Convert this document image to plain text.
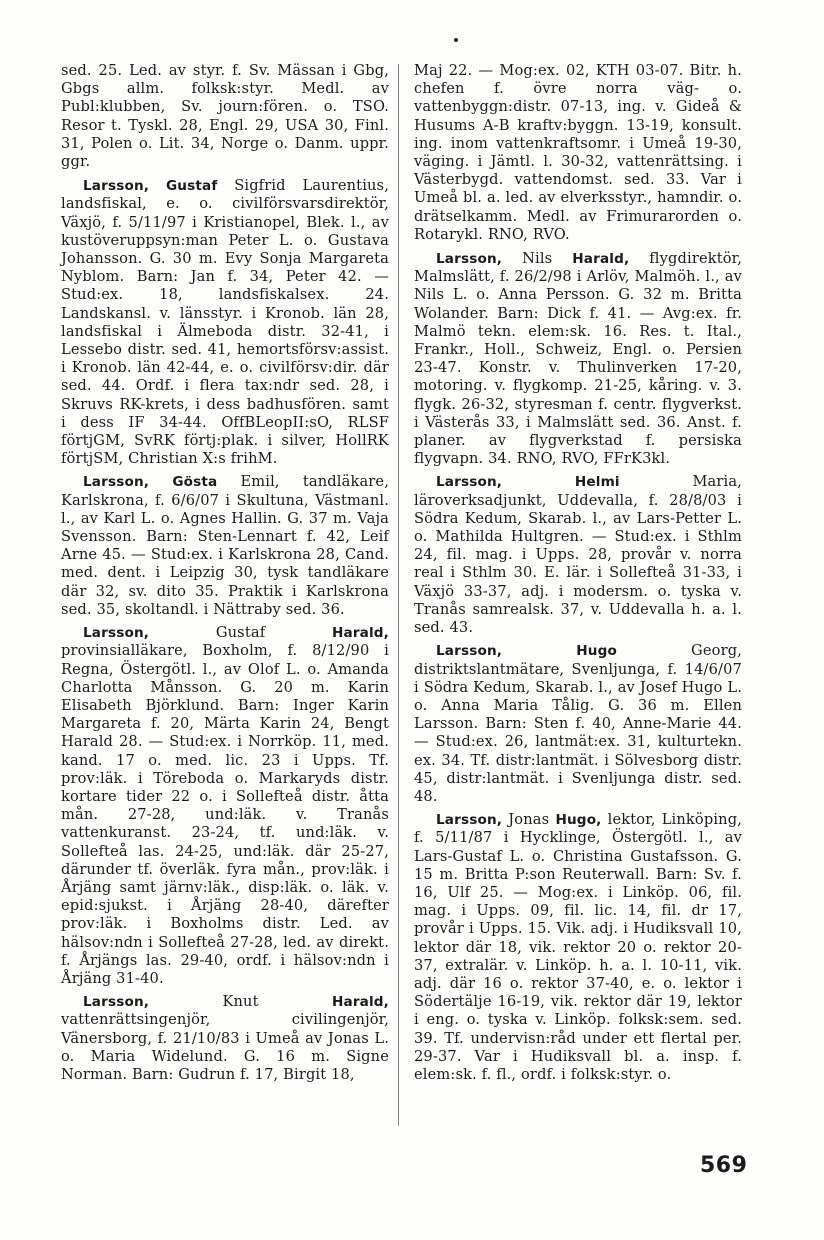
sed. 25. Led. av styr. f. Sv. Mässan i Gbg, Gbgs allm. folksk:styr. Medl. av Publ:klubben, Sv. journ:fören. o. TSO. Resor t. Tyskl. 28, Engl. 29, USA 30, Finl. 31, Polen o. Lit. 34, Norge o. Danm. uppr. ggr.

Larsson, Gustaf Sigfrid Laurentius, landsfiskal, e. o. civilförsvarsdirektör, Växjö, f. 5/11/97 i Kristianopel, Blek. l., av kustöveruppsyn:man Peter L. o. Gustava Johansson. G. 30 m. Evy Sonja Margareta Nyblom. Barn: Jan f. 34, Peter 42. — Stud:ex. 18, landsfiskalsex. 24. Landskansl. v. länsstyr. i Kronob. län 28, landsfiskal i Älmeboda distr. 32-41, i Lessebo distr. sed. 41, hemortsförsv:assist. i Kronob. län 42-44, e. o. civilförsv:dir. där sed. 44. Ordf. i flera tax:ndr sed. 28, i Skruvs RK-krets, i dess badhusfören. samt i dess IF 34-44. OffBLeopII:sO, RLSF förtjGM, SvRK förtj:plak. i silver, HollRK förtjSM, Christian X:s frihM.

Larsson, Gösta Emil, tandläkare, Karlskrona, f. 6/6/07 i Skultuna, Västmanl. l., av Karl L. o. Agnes Hallin. G. 37 m. Vaja Svensson. Barn: Sten-Lennart f. 42, Leif Arne 45. — Stud:ex. i Karlskrona 28, Cand. med. dent. i Leipzig 30, tysk tandläkare där 32, sv. dito 35. Praktik i Karlskrona sed. 35, skoltandl. i Nättraby sed. 36.

Larsson, Gustaf Harald, provinsialläkare, Boxholm, f. 8/12/90 i Regna, Östergötl. l., av Olof L. o. Amanda Charlotta Månsson. G. 20 m. Karin Elisabeth Björklund. Barn: Inger Karin Margareta f. 20, Märta Karin 24, Bengt Harald 28. — Stud:ex. i Norrköp. 11, med. kand. 17 o. med. lic. 23 i Upps. Tf. prov:läk. i Töreboda o. Markaryds distr. kortare tider 22 o. i Sollefteå distr. åtta mån. 27-28, und:läk. v. Tranås vattenkuranst. 23-24, tf. und:läk. v. Sollefteå las. 24-25, und:läk. där 25-27, därunder tf. överläk. fyra mån., prov:läk. i Årjäng samt järnv:läk., disp:läk. o. läk. v. epid:sjukst. i Årjäng 28-40, därefter prov:läk. i Boxholms distr. Led. av hälsov:ndn i Sollefteå 27-28, led. av direkt. f. Årjängs las. 29-40, ordf. i hälsov:ndn i Årjäng 31-40.

Larsson, Knut Harald, vattenrättsingenjör, civilingenjör, Vänersborg, f. 21/10/83 i Umeå av Jonas L. o. Maria Widelund. G. 16 m. Signe Norman. Barn: Gudrun f. 17, Birgit 18,

Maj 22. — Mog:ex. 02, KTH 03-07. Bitr. h. chefen f. övre norra väg- o. vattenbyggn:distr. 07-13, ing. v. Gideå & Husums A-B kraftv:byggn. 13-19, konsult. ing. inom vattenkraftsomr. i Umeå 19-30, väging. i Jämtl. l. 30-32, vattenrättsing. i Västerbygd. vattendomst. sed. 33. Var i Umeå bl. a. led. av elverksstyr., hamndir. o. drätselkamm. Medl. av Frimurarorden o. Rotarykl. RNO, RVO.

Larsson, Nils Harald, flygdirektör, Malmslätt, f. 26/2/98 i Arlöv, Malmöh. l., av Nils L. o. Anna Persson. G. 32 m. Britta Wolander. Barn: Dick f. 41. — Avg:ex. fr. Malmö tekn. elem:sk. 16. Res. t. Ital., Frankr., Holl., Schweiz, Engl. o. Persien 23-47. Konstr. v. Thulinverken 17-20, motoring. v. flygkomp. 21-25, kåring. v. 3. flygk. 26-32, styresman f. centr. flygverkst. i Västerås 33, i Malmslätt sed. 36. Anst. f. planer. av flygverkstad f. persiska flygvapn. 34. RNO, RVO, FFrK3kl.

Larsson, Helmi Maria, läroverksadjunkt, Uddevalla, f. 28/8/03 i Södra Kedum, Skarab. l., av Lars-Petter L. o. Mathilda Hultgren. — Stud:ex. i Sthlm 24, fil. mag. i Upps. 28, provår v. norra real i Sthlm 30. E. lär. i Sollefteå 31-33, i Växjö 33-37, adj. i modersm. o. tyska v. Tranås samrealsk. 37, v. Uddevalla h. a. l. sed. 43.

Larsson, Hugo Georg, distriktslantmätare, Svenljunga, f. 14/6/07 i Södra Kedum, Skarab. l., av Josef Hugo L. o. Anna Maria Tålig. G. 36 m. Ellen Larsson. Barn: Sten f. 40, Anne-Marie 44. — Stud:ex. 26, lantmät:ex. 31, kulturtekn. ex. 34. Tf. distr:lantmät. i Sölvesborg distr. 45, distr:lantmät. i Svenljunga distr. sed. 48.

Larsson, Jonas Hugo, lektor, Linköping, f. 5/11/87 i Hycklinge, Östergötl. l., av Lars-Gustaf L. o. Christina Gustafsson. G. 15 m. Britta P:son Reuterwall. Barn: Sv. f. 16, Ulf 25. — Mog:ex. i Linköp. 06, fil. mag. i Upps. 09, fil. lic. 14, fil. dr 17, provår i Upps. 15. Vik. adj. i Hudiksvall 10, lektor där 18, vik. rektor 20 o. rektor 20-37, extralär. v. Linköp. h. a. l. 10-11, vik. adj. där 16 o. rektor 37-40, e. o. lektor i Södertälje 16-19, vik. rektor där 19, lektor i eng. o. tyska v. Linköp. folksk:sem. sed. 39. Tf. undervisn:råd under ett flertal per. 29-37. Var i Hudiksvall bl. a. insp. f. elem:sk. f. fl., ordf. i folksk:styr. o.

569
